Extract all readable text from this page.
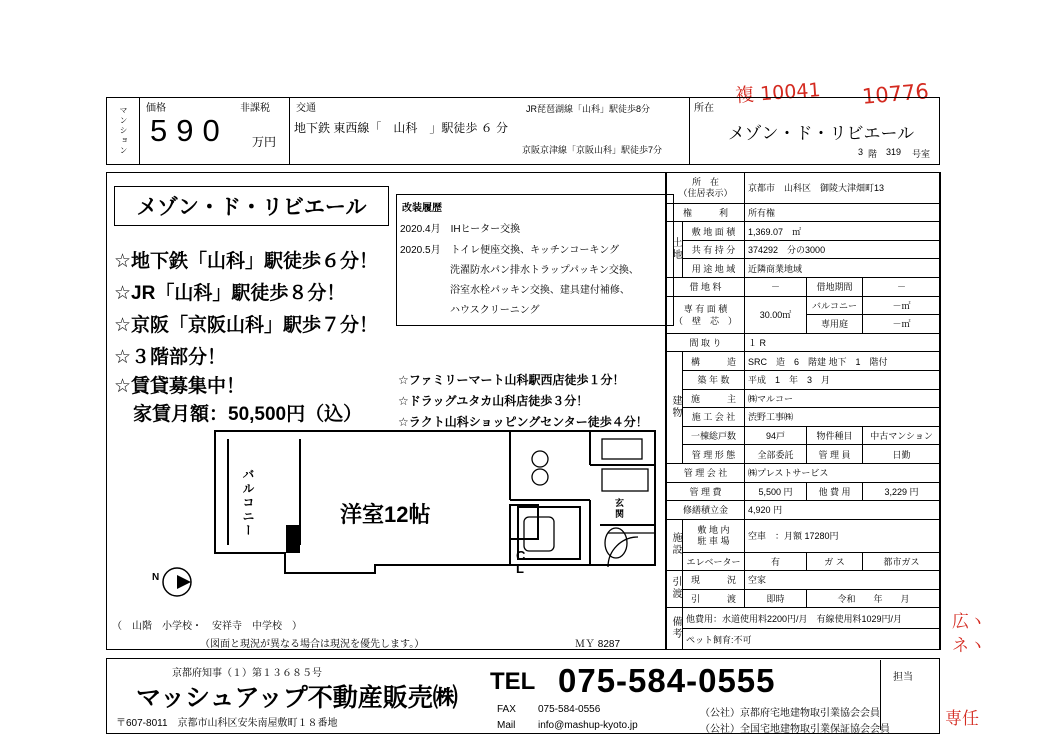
複 10041 10776
広ヽ
ネヽ
専任
マンション	価格	非課税
590 万円
交通
地下鉄 東西線「　山科　」駅徒歩 ６ 分
JR琵琶湖線「山科」駅徒歩8分
京阪京津線「京阪山科」駅徒歩7分
所在
メゾン・ド・リビエール
3 階 319 号室
メゾン・ド・リビエール
☆地下鉄「山科」駅徒歩６分！
☆JR「山科」駅徒歩８分！
☆京阪「京阪山科」駅歩７分！
☆３階部分！
☆賃貸募集中！
　家賃月額：50,500円（込）
改装履歴
2020.4月　IHヒーター交換
2020.5月　トイレ便座交換、キッチンコーキング
　　　　　洗濯防水パン排水トラップパッキン交換、
　　　　　浴室水栓パッキン交換、建具建付補修、
　　　　　ハウスクリーニング
☆ファミリーマート山科駅西店徒歩１分！
☆ドラッグユタカ山科店徒歩３分！
☆ラクト山科ショッピングセンター徒歩４分！
バルコニー	洋室12帖	玄関
C
L
N
（　山階　小学校・　安祥寺　中学校　）
（図面と現況が異なる場合は現況を優先します。）	ＭＹ 8287
所　在
（住居表示）		京都市　山科区　御陵大津畑町13		
権　　　利		所有権		
土地	敷 地 面 積	1,369.07　 ㎡		
	共 有 持 分	374292　分の3000		
	用 途 地 域	近隣商業地域		
借 地 料		－	借地期間	－
専 有 面 積
（　壁　芯　）		30.00㎡	バルコニー	－㎡
			専用庭	－㎡
間 取 り		１ R		
建物	構　　　造	SRC　造　6　階建 地下　1　階付		
	築 年 数	平成　1　年　3　月		
	施　　　主	㈱マルコー		
	施 工 会 社	渋野工事㈱		
	一棟総戸数	94戸	物件種目	中古マンション
	管 理 形 態	全部委託	管 理 員	日勤
管 理 会 社		㈱プレストサービス		
管 理 費		5,500 円	他 費 用	3,229 円
修繕積立金		4,920 円		
施設	敷 地 内
駐 車 場	空車　：月額 17280円		
	エレベーター	有	ガ ス	都市ガス
引渡	現　　　況	空家		
	引　　　渡	即時	令和　　年　　月	
備考	他費用：水道使用料2200円/月　有線使用料1029円/月			
	ペット飼育:不可			
京都府知事（１）第１３６８５号
マッシュアップ不動産販売㈱
〒607-8011　京都市山科区安朱南屋敷町１８番地
TEL 075-584-0555
FAX 075-584-0556
Mail info@mashup-kyoto.jp
（公社）京都府宅地建物取引業協会会員
（公社）全国宅地建物取引業保証協会会員
担当
